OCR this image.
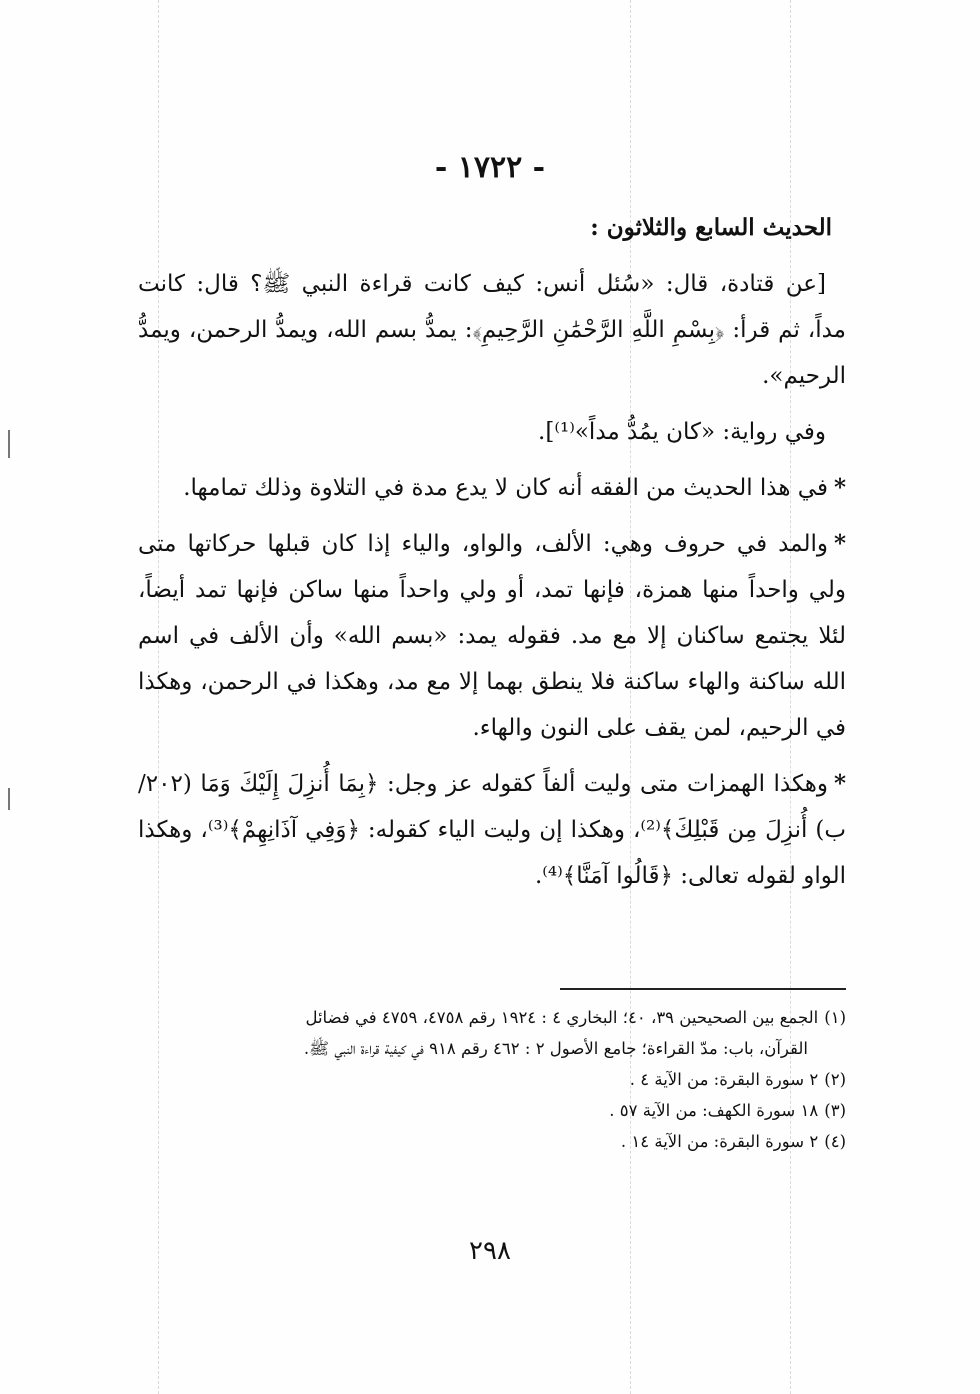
- ١٧٢٢ -

الحديث السابع والثلاثون :

[عن قتادة، قال: «سُئل أنس: كيف كانت قراءة النبي ﷺ؟ قال: كانت مداً، ثم قرأ: ﴿بِسْمِ اللَّهِ الرَّحْمَٰنِ الرَّحِيمِ﴾: يمدُّ بسم الله، ويمدُّ الرحمن، ويمدُّ الرحيم».

وفي رواية: «كان يمُدُّ مداً»⁽¹⁾].

*في هذا الحديث من الفقه أنه كان لا يدع مدة في التلاوة وذلك تمامها.

*والمد في حروف وهي: الألف، والواو، والياء إذا كان قبلها حركاتها متى ولي واحداً منها همزة، فإنها تمد، أو ولي واحداً منها ساكن فإنها تمد أيضاً، لئلا يجتمع ساكنان إلا مع مد. فقوله يمد: «بسم الله» وأن الألف في اسم الله ساكنة والهاء ساكنة فلا ينطق بهما إلا مع مد، وهكذا في الرحمن، وهكذا في الرحيم، لمن يقف على النون والهاء.

*وهكذا الهمزات متى وليت ألفاً كقوله عز وجل: ﴿بِمَا أُنزِلَ إِلَيْكَ وَمَا (٢٠٢/ب) أُنزِلَ مِن قَبْلِكَ﴾⁽²⁾، وهكذا إن وليت الياء كقوله: ﴿وَفِي آذَانِهِمْ﴾⁽³⁾، وهكذا الواو لقوله تعالى: ﴿قَالُوا آمَنَّا﴾⁽⁴⁾.

(١)الجمع بين الصحيحين ٣٩، ٤٠؛ البخاري ٤ : ١٩٢٤ رقم ٤٧٥٨، ٤٧٥٩ في فضائل

القرآن، باب: مدّ القراءة؛ جامع الأصول ٢ : ٤٦٢ رقم ٩١٨ في كيفية قراءة النبي ﷺ.

(٢)٢ سورة البقرة: من الآية ٤ .

(٣)١٨ سورة الكهف: من الآية ٥٧ .

(٤)٢ سورة البقرة: من الآية ١٤ .

٢٩٨
